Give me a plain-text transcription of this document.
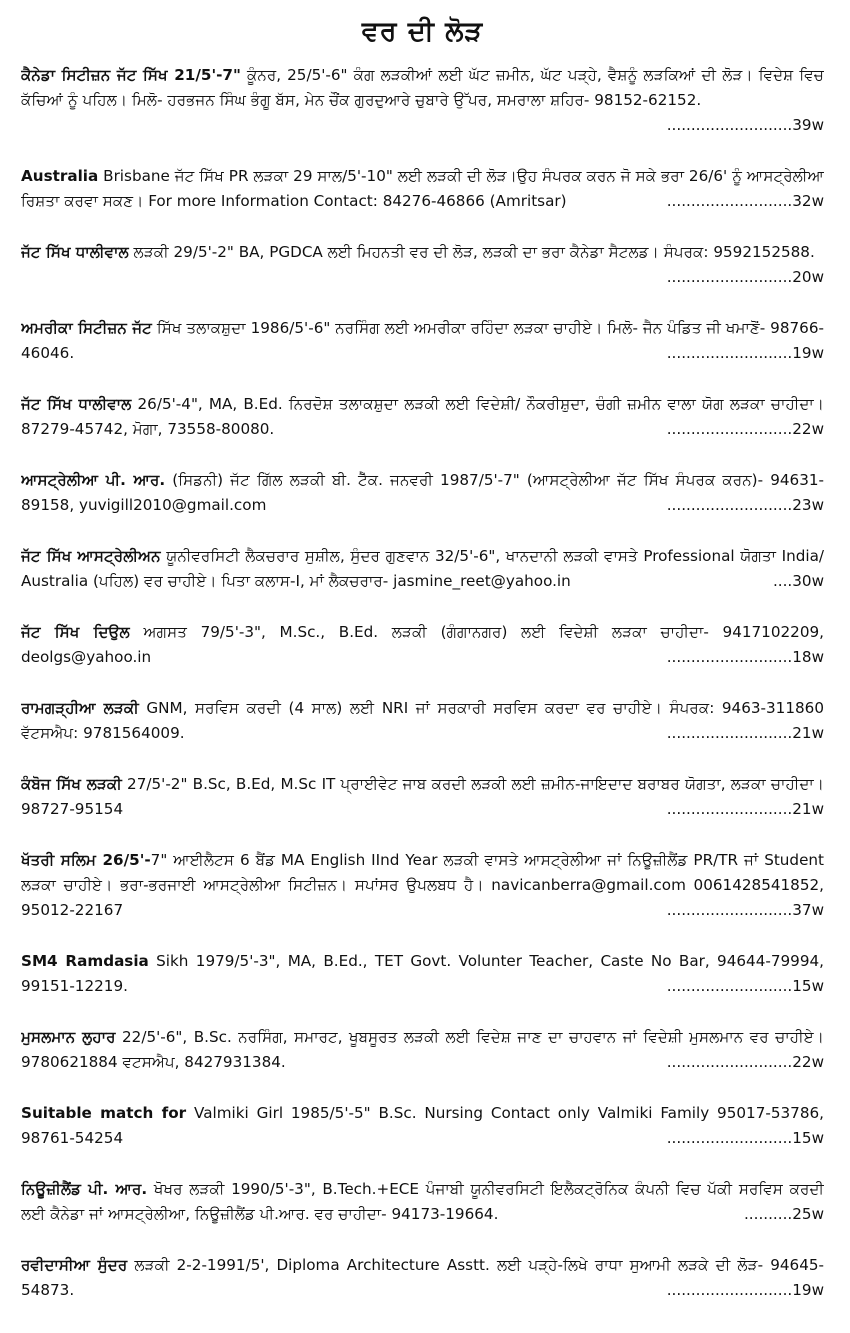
ਵਰ ਦੀ ਲੋੜ
ਕੈਨੇਡਾ ਸਿਟੀਜ਼ਨ ਜੱਟ ਸਿੱਖ 21/5'-7" ਕੂੰਨਰ, 25/5'-6" ਕੰਗ ਲੜਕੀਆਂ ਲਈ ਘੱਟ ਜ਼ਮੀਨ, ਘੱਟ ਪੜ੍ਹੇ, ਵੈਸ਼ਨੂੰ ਲੜਕਿਆਂ ਦੀ ਲੋੜ। ਵਿਦੇਸ਼ ਵਿਚ ਕੱਚਿਆਂ ਨੂੰ ਪਹਿਲ। ਮਿਲੋ- ਹਰਭਜਨ ਸਿੰਘ ਭੰਗੂ ਬੱਸ, ਮੇਨ ਚੌਂਕ ਗੁਰਦੁਆਰੇ ਚੁਬਾਰੇ ਉੱਪਰ, ਸਮਰਾਲਾ ਸ਼ਹਿਰ- 98152-62152.
..........................39w
Australia Brisbane ਜੱਟ ਸਿੱਖ PR ਲੜਕਾ 29 ਸਾਲ/5'-10" ਲਈ ਲੜਕੀ ਦੀ ਲੋੜ।ਉਹ ਸੰਪਰਕ ਕਰਨ ਜੋ ਸਕੇ ਭਰਾ 26/6' ਨੂੰ ਆਸਟ੍ਰੇਲੀਆ ਰਿਸ਼ਤਾ ਕਰਵਾ ਸਕਣ। For more Information Contact: 84276-46866 (Amritsar)	..........................32w
ਜੱਟ ਸਿੱਖ ਧਾਲੀਵਾਲ ਲੜਕੀ 29/5'-2" BA, PGDCA ਲਈ ਮਿਹਨਤੀ ਵਰ ਦੀ ਲੋੜ, ਲੜਕੀ ਦਾ ਭਰਾ ਕੈਨੇਡਾ ਸੈਟਲਡ। ਸੰਪਰਕ: 9592152588.
..........................20w
ਅਮਰੀਕਾ ਸਿਟੀਜ਼ਨ ਜੱਟ ਸਿੱਖ ਤਲਾਕਸ਼ੁਦਾ 1986/5'-6" ਨਰਸਿੰਗ ਲਈ ਅਮਰੀਕਾ ਰਹਿੰਦਾ ਲੜਕਾ ਚਾਹੀਏ। ਮਿਲੋ- ਜੈਨ ਪੰਡਿਤ ਜੀ ਖਮਾਣੋਂ- 98766-46046.	..........................19w
ਜੱਟ ਸਿੱਖ ਧਾਲੀਵਾਲ 26/5'-4", MA, B.Ed. ਨਿਰਦੋਸ਼ ਤਲਾਕਸ਼ੁਦਾ ਲੜਕੀ ਲਈ ਵਿਦੇਸ਼ੀ/ ਨੌਕਰੀਸ਼ੁਦਾ, ਚੰਗੀ ਜ਼ਮੀਨ ਵਾਲਾ ਯੋਗ ਲੜਕਾ ਚਾਹੀਦਾ। 87279-45742, ਮੋਗਾ, 73558-80080.	..........................22w
ਆਸਟ੍ਰੇਲੀਆ ਪੀ. ਆਰ. (ਸਿਡਨੀ) ਜੱਟ ਗਿੱਲ ਲੜਕੀ ਬੀ. ਟੈੱਕ. ਜਨਵਰੀ 1987/5'-7" (ਆਸਟ੍ਰੇਲੀਆ ਜੱਟ ਸਿੱਖ ਸੰਪਰਕ ਕਰਨ)- 94631-89158, yuvigill2010@gmail.com	..........................23w
ਜੱਟ ਸਿੱਖ ਆਸਟ੍ਰੇਲੀਅਨ ਯੂਨੀਵਰਸਿਟੀ ਲੈਕਚਰਾਰ ਸੁਸ਼ੀਲ, ਸੁੰਦਰ ਗੁਣਵਾਨ 32/5'-6", ਖਾਨਦਾਨੀ ਲੜਕੀ ਵਾਸਤੇ Professional ਯੋਗਤਾ India/ Australia (ਪਹਿਲ) ਵਰ ਚਾਹੀਏ। ਪਿਤਾ ਕਲਾਸ-I, ਮਾਂ ਲੈਕਚਰਾਰ- jasmine_reet@yahoo.in	....30w
ਜੱਟ ਸਿੱਖ ਦਿਉਲ ਅਗਸਤ 79/5'-3", M.Sc., B.Ed. ਲੜਕੀ (ਗੰਗਾਨਗਰ) ਲਈ ਵਿਦੇਸ਼ੀ ਲੜਕਾ ਚਾਹੀਦਾ- 9417102209, deolgs@yahoo.in	..........................18w
ਰਾਮਗੜ੍ਹੀਆ ਲੜਕੀ GNM, ਸਰਵਿਸ ਕਰਦੀ (4 ਸਾਲ) ਲਈ NRI ਜਾਂ ਸਰਕਾਰੀ ਸਰਵਿਸ ਕਰਦਾ ਵਰ ਚਾਹੀਏ। ਸੰਪਰਕ: 9463-311860 ਵੱਟਸਐਪ: 9781564009.	..........................21w
ਕੰਬੋਜ ਸਿੱਖ ਲੜਕੀ 27/5'-2" B.Sc, B.Ed, M.Sc IT ਪ੍ਰਾਈਵੇਟ ਜਾਬ ਕਰਦੀ ਲੜਕੀ ਲਈ ਜ਼ਮੀਨ-ਜਾਇਦਾਦ ਬਰਾਬਰ ਯੋਗਤਾ, ਲੜਕਾ ਚਾਹੀਦਾ। 98727-95154	..........................21w
ਖੱਤਰੀ ਸਲਿਮ 26/5'-7" ਆਈਲੈਟਸ 6 ਬੈਂਡ MA English IInd Year ਲੜਕੀ ਵਾਸਤੇ ਆਸਟ੍ਰੇਲੀਆ ਜਾਂ ਨਿਊਜ਼ੀਲੈਂਡ PR/TR ਜਾਂ Student ਲੜਕਾ ਚਾਹੀਏ। ਭਰਾ-ਭਰਜਾਈ ਆਸਟ੍ਰੇਲੀਆ ਸਿਟੀਜ਼ਨ। ਸਪਾਂਸਰ ਉਪਲਬਧ ਹੈ। navicanberra@gmail.com 0061428541852, 95012-22167	..........................37w
SM4 Ramdasia Sikh 1979/5'-3", MA, B.Ed., TET Govt. Volunter Teacher, Caste No Bar, 94644-79994, 99151-12219.	..........................15w
ਮੁਸਲਮਾਨ ਲੁਹਾਰ 22/5'-6", B.Sc. ਨਰਸਿੰਗ, ਸਮਾਰਟ, ਖੂਬਸੂਰਤ ਲੜਕੀ ਲਈ ਵਿਦੇਸ਼ ਜਾਣ ਦਾ ਚਾਹਵਾਨ ਜਾਂ ਵਿਦੇਸ਼ੀ ਮੁਸਲਮਾਨ ਵਰ ਚਾਹੀਏ। 9780621884 ਵਟਸਐਪ, 8427931384.	..........................22w
Suitable match for Valmiki Girl 1985/5'-5" B.Sc. Nursing Contact only Valmiki Family 95017-53786, 98761-54254	..........................15w
ਨਿਊਜ਼ੀਲੈਂਡ ਪੀ. ਆਰ. ਖੋਖਰ ਲੜਕੀ 1990/5'-3", B.Tech.+ECE ਪੰਜਾਬੀ ਯੂਨੀਵਰਸਿਟੀ ਇਲੈਕਟ੍ਰੋਨਿਕ ਕੰਪਨੀ ਵਿਚ ਪੱਕੀ ਸਰਵਿਸ ਕਰਦੀ ਲਈ ਕੈਨੇਡਾ ਜਾਂ ਆਸਟ੍ਰੇਲੀਆ, ਨਿਊਜ਼ੀਲੈਂਡ ਪੀ.ਆਰ. ਵਰ ਚਾਹੀਦਾ- 94173-19664.	..........25w
ਰਵੀਦਾਸੀਆ ਸੁੰਦਰ ਲੜਕੀ 2-2-1991/5', Diploma Architecture Asstt. ਲਈ ਪੜ੍ਹੇ-ਲਿਖੇ ਰਾਧਾ ਸੁਆਮੀ ਲੜਕੇ ਦੀ ਲੋੜ- 94645-54873.	..........................19w
